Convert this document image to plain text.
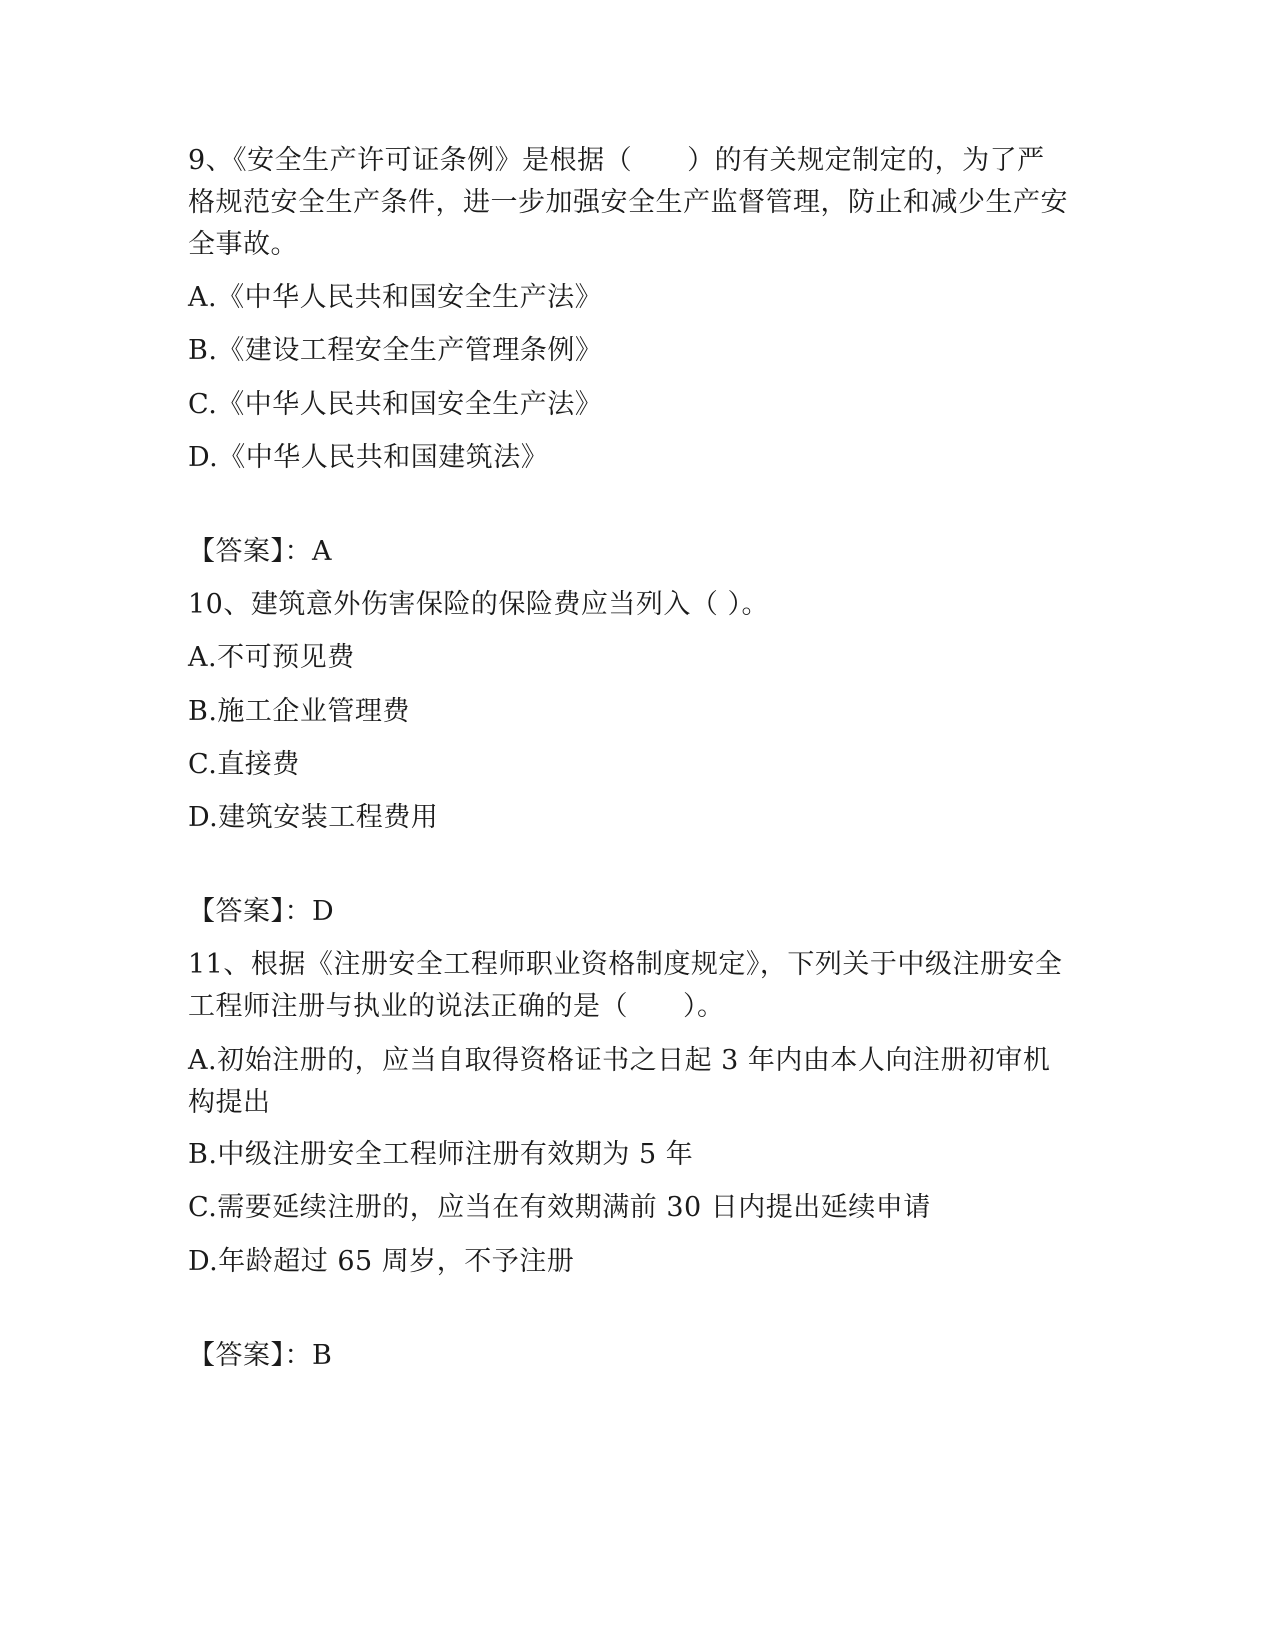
9、《安全生产许可证条例》是根据（　　）的有关规定制定的，为了严格规范安全生产条件，进一步加强安全生产监督管理，防止和减少生产安全事故。

A.《中华人民共和国安全生产法》

B.《建设工程安全生产管理条例》

C.《中华人民共和国安全生产法》

D.《中华人民共和国建筑法》

【答案】：A

10、建筑意外伤害保险的保险费应当列入（ ）。

A.不可预见费

B.施工企业管理费

C.直接费

D.建筑安装工程费用

【答案】：D

11、根据《注册安全工程师职业资格制度规定》，下列关于中级注册安全工程师注册与执业的说法正确的是（　　）。

A.初始注册的，应当自取得资格证书之日起 3 年内由本人向注册初审机构提出

B.中级注册安全工程师注册有效期为 5 年

C.需要延续注册的，应当在有效期满前 30 日内提出延续申请

D.年龄超过 65 周岁，不予注册

【答案】：B
